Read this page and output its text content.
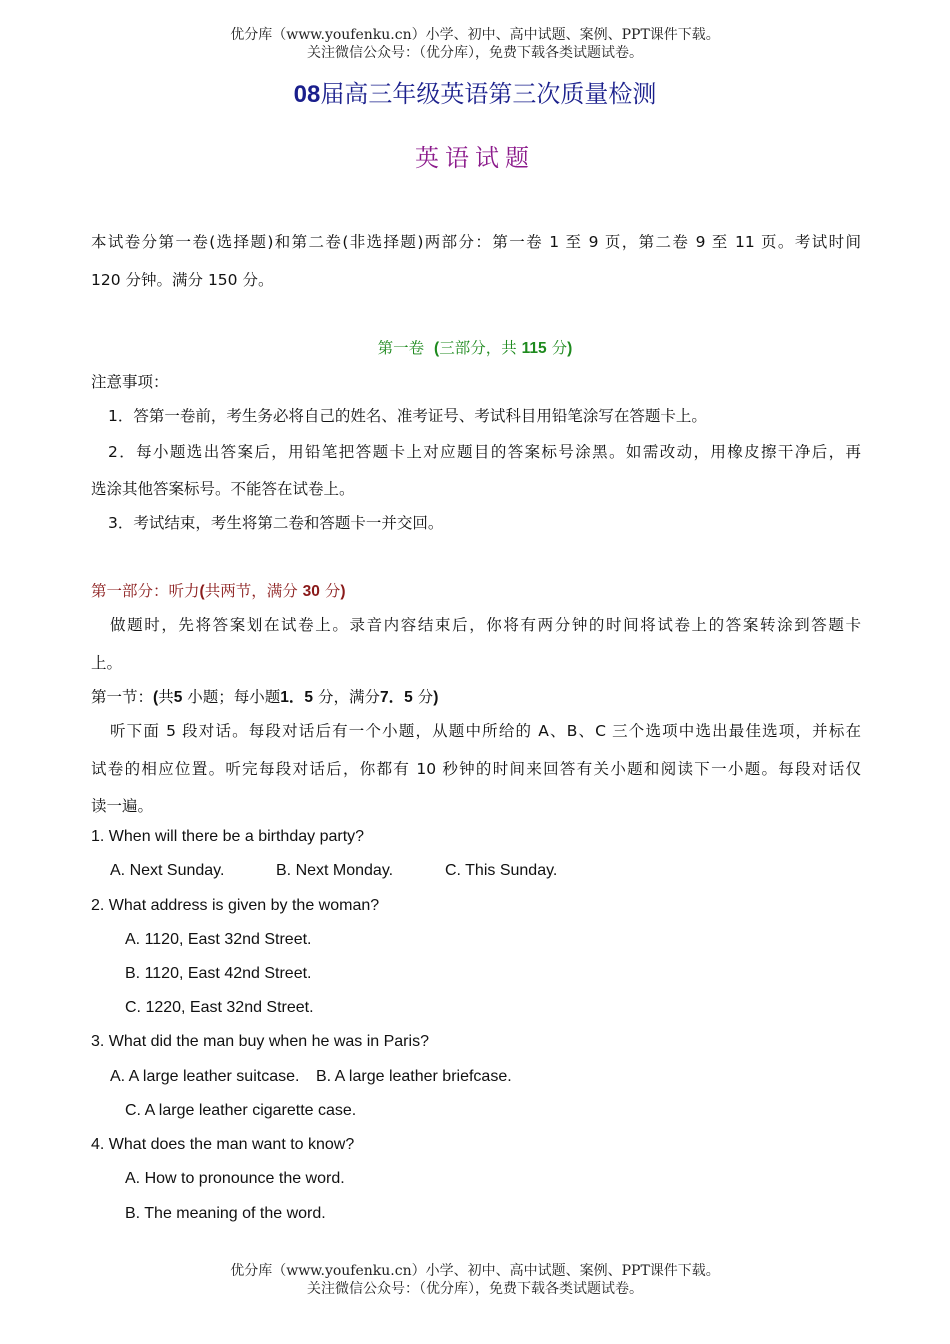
优分库（www.youfenku.cn）小学、初中、高中试题、案例、PPT课件下载。
关注微信公众号：（优分库），免费下载各类试题试卷。
08届高三年级英语第三次质量检测
英语试题
本试卷分第一卷(选择题)和第二卷(非选择题)两部分：第一卷 1 至 9 页，第二卷 9 至 11 页。考试时间
120 分钟。满分 150 分。
第一卷 (三部分，共 115 分)
注意事项：
1．答第一卷前，考生务必将自己的姓名、准考证号、考试科目用铅笔涂写在答题卡上。
2．每小题选出答案后，用铅笔把答题卡上对应题目的答案标号涂黑。如需改动，用橡皮擦干净后，再
选涂其他答案标号。不能答在试卷上。
3．考试结束，考生将第二卷和答题卡一并交回。
第一部分：听力(共两节，满分 30 分)
做题时，先将答案划在试卷上。录音内容结束后，你将有两分钟的时间将试卷上的答案转涂到答题卡
上。
第一节：(共5 小题；每小题1．5 分，满分7．5 分)
听下面 5 段对话。每段对话后有一个小题，从题中所给的 A、B、C 三个选项中选出最佳选项，并标在
试卷的相应位置。听完每段对话后，你都有 10 秒钟的时间来回答有关小题和阅读下一小题。每段对话仅
读一遍。
1. When will there be a birthday party?
A. Next Sunday.	B. Next Monday.	C. This Sunday.
2. What address is given by the woman?
A. 1120, East 32nd Street.
B. 1120, East 42nd Street.
C. 1220, East 32nd Street.
3. What did the man buy when he was in Paris?
A. A large leather suitcase.	B. A large leather briefcase.
C. A large leather cigarette case.
4. What does the man want to know?
A. How to pronounce the word.
B. The meaning of the word.
优分库（www.youfenku.cn）小学、初中、高中试题、案例、PPT课件下载。
关注微信公众号：（优分库），免费下载各类试题试卷。
